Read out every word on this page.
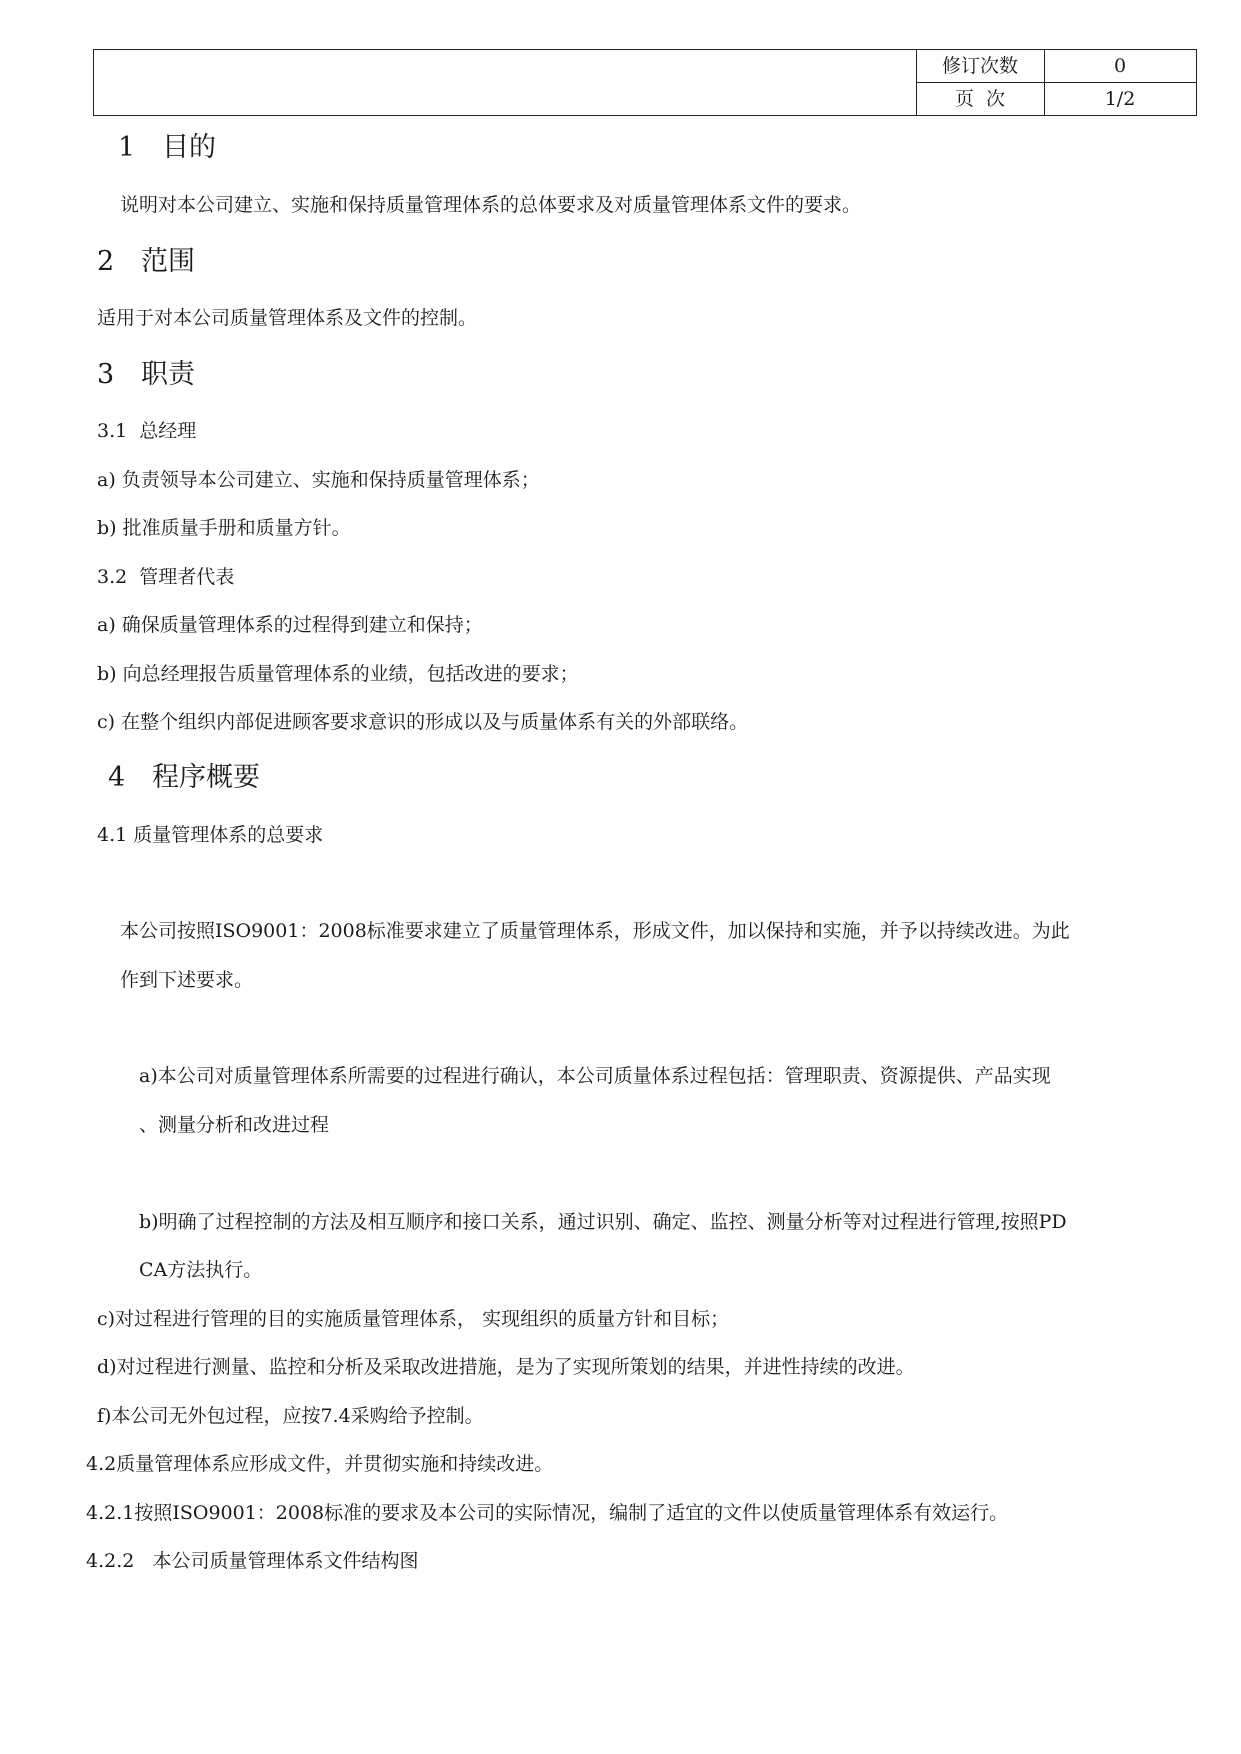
修订次数	0
页  次	1/2
1 目的
说明对本公司建立、实施和保持质量管理体系的总体要求及对质量管理体系文件的要求。
2 范围
适用于对本公司质量管理体系及文件的控制。
3 职责
3.1  总经理
a) 负责领导本公司建立、实施和保持质量管理体系；
b) 批准质量手册和质量方针。
3.2  管理者代表
a) 确保质量管理体系的过程得到建立和保持；
b) 向总经理报告质量管理体系的业绩，包括改进的要求；
c) 在整个组织内部促进顾客要求意识的形成以及与质量体系有关的外部联络。
4 程序概要
4.1 质量管理体系的总要求
本公司按照ISO9001：2008标准要求建立了质量管理体系，形成文件，加以保持和实施，并予以持续改进。为此
作到下述要求。
a)本公司对质量管理体系所需要的过程进行确认，本公司质量体系过程包括：管理职责、资源提供、产品实现
、测量分析和改进过程
b)明确了过程控制的方法及相互顺序和接口关系，通过识别、确定、监控、测量分析等对过程进行管理,按照PD
CA方法执行。
c)对过程进行管理的目的实施质量管理体系， 实现组织的质量方针和目标；
d)对过程进行测量、监控和分析及采取改进措施，是为了实现所策划的结果，并进性持续的改进。
f)本公司无外包过程，应按7.4采购给予控制。
4.2质量管理体系应形成文件，并贯彻实施和持续改进。
4.2.1按照ISO9001：2008标准的要求及本公司的实际情况，编制了适宜的文件以使质量管理体系有效运行。
4.2.2   本公司质量管理体系文件结构图
